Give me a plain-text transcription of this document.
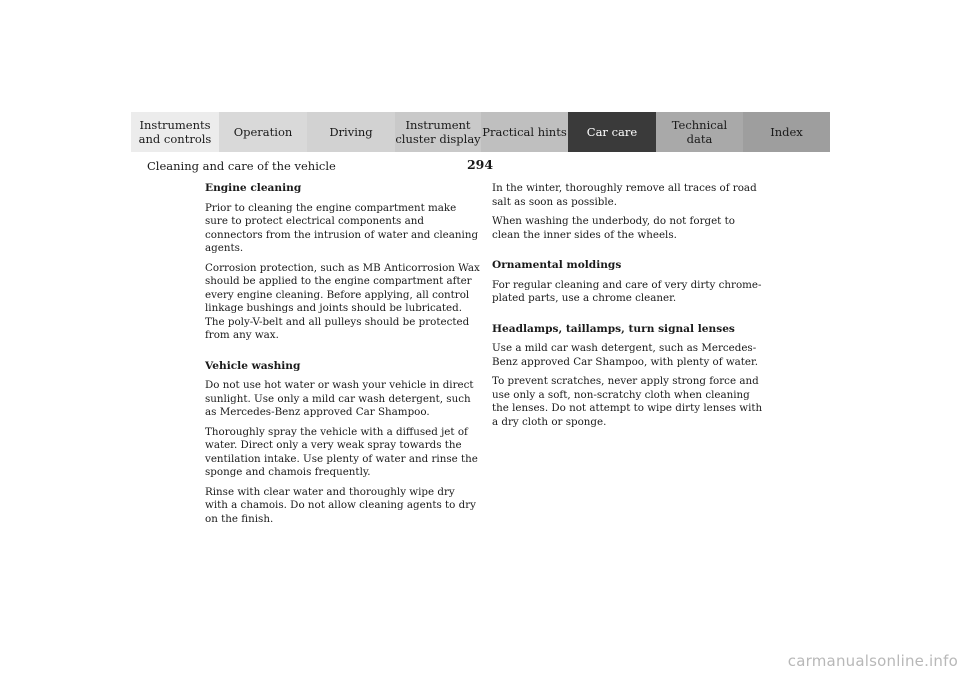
Instruments
and controls Operation	Driving	Instrument
cluster display Practical hints Car care	Technical
data	Index
294
Cleaning and care of the vehicle
Engine cleaning
Prior to cleaning the engine compartment make sure to protect electrical components and connectors from the intrusion of water and cleaning agents.
Corrosion protection, such as MB Anticorrosion Wax should be applied to the engine compartment after every engine cleaning. Before applying, all control linkage bushings and joints should be lubricated. The poly-V-belt and all pulleys should be protected from any wax.
Vehicle washing
Do not use hot water or wash your vehicle in direct sunlight. Use only a mild car wash detergent, such as Mercedes-Benz approved Car Shampoo.
Thoroughly spray the vehicle with a diffused jet of water. Direct only a very weak spray towards the ventilation intake. Use plenty of water and rinse the sponge and chamois frequently.
Rinse with clear water and thoroughly wipe dry with a chamois. Do not allow cleaning agents to dry on the finish.
In the winter, thoroughly remove all traces of road salt as soon as possible.
When washing the underbody, do not forget to clean the inner sides of the wheels.
Ornamental moldings
For regular cleaning and care of very dirty chrome-plated parts, use a chrome cleaner.
Headlamps, taillamps, turn signal lenses
Use a mild car wash detergent, such as Mercedes-Benz approved Car Shampoo, with plenty of water.
To prevent scratches, never apply strong force and use only a soft, non-scratchy cloth when cleaning the lenses. Do not attempt to wipe dirty lenses with a dry cloth or sponge.
carmanualsonline.info
